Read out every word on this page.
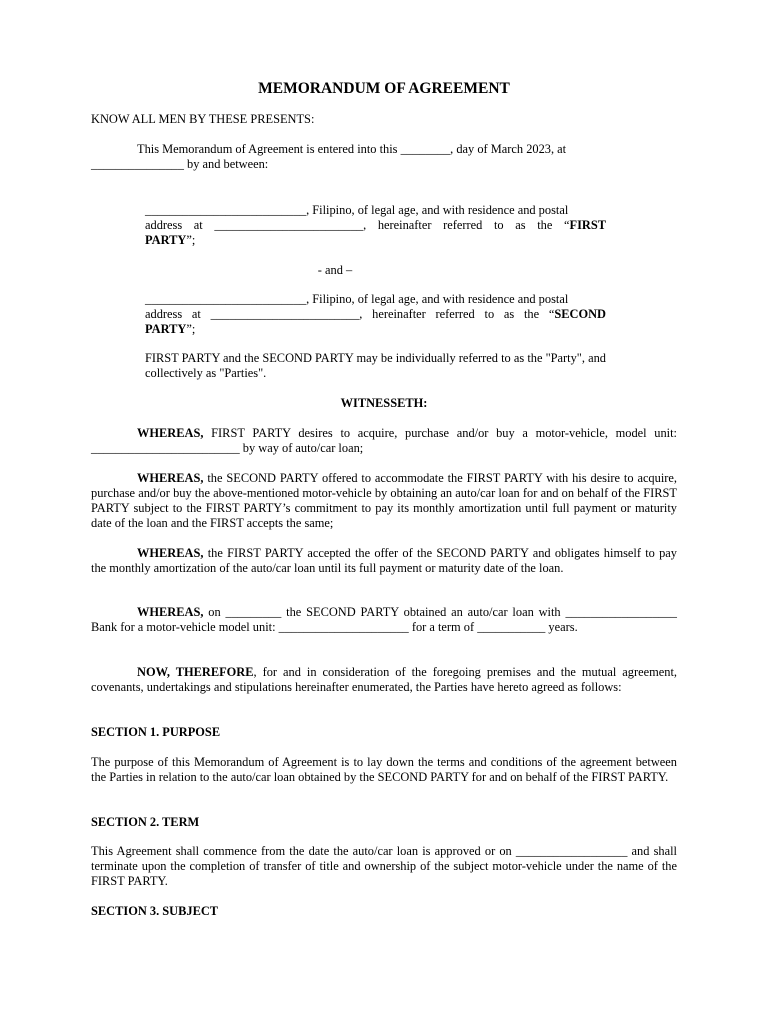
MEMORANDUM OF AGREEMENT
KNOW ALL MEN BY THESE PRESENTS:
This Memorandum of Agreement is entered into this ________, day of March 2023, at
_______________ by and between:
__________________________, Filipino, of legal age, and with residence and postal
address at ________________________, hereinafter referred to as the “FIRST
PARTY”;
- and –
__________________________, Filipino, of legal age, and with residence and postal
address at ________________________, hereinafter referred to as the “SECOND
PARTY”;
FIRST PARTY and the SECOND PARTY may be individually referred to as the "Party", and collectively as "Parties".
WITNESSETH:
WHEREAS, FIRST PARTY desires to acquire, purchase and/or buy a motor-vehicle, model unit: ________________________ by way of auto/car loan;
WHEREAS, the SECOND PARTY offered to accommodate the FIRST PARTY with his desire to acquire, purchase and/or buy the above-mentioned motor-vehicle by obtaining an auto/car loan for and on behalf of the FIRST PARTY subject to the FIRST PARTY’s commitment to pay its monthly amortization until full payment or maturity date of the loan and the FIRST accepts the same;
WHEREAS, the FIRST PARTY accepted the offer of the SECOND PARTY and obligates himself to pay the monthly amortization of the auto/car loan until its full payment or maturity date of the loan.
WHEREAS, on _________ the SECOND PARTY obtained an auto/car loan with __________________ Bank for a motor-vehicle model unit: _____________________ for a term of ___________ years.
NOW, THEREFORE, for and in consideration of the foregoing premises and the mutual agreement, covenants, undertakings and stipulations hereinafter enumerated, the Parties have hereto agreed as follows:
SECTION 1. PURPOSE
The purpose of this Memorandum of Agreement is to lay down the terms and conditions of the agreement between the Parties in relation to the auto/car loan obtained by the SECOND PARTY for and on behalf of the FIRST PARTY.
SECTION 2. TERM
This Agreement shall commence from the date the auto/car loan is approved or on __________________ and shall terminate upon the completion of transfer of title and ownership of the subject motor-vehicle under the name of the FIRST PARTY.
SECTION 3. SUBJECT
